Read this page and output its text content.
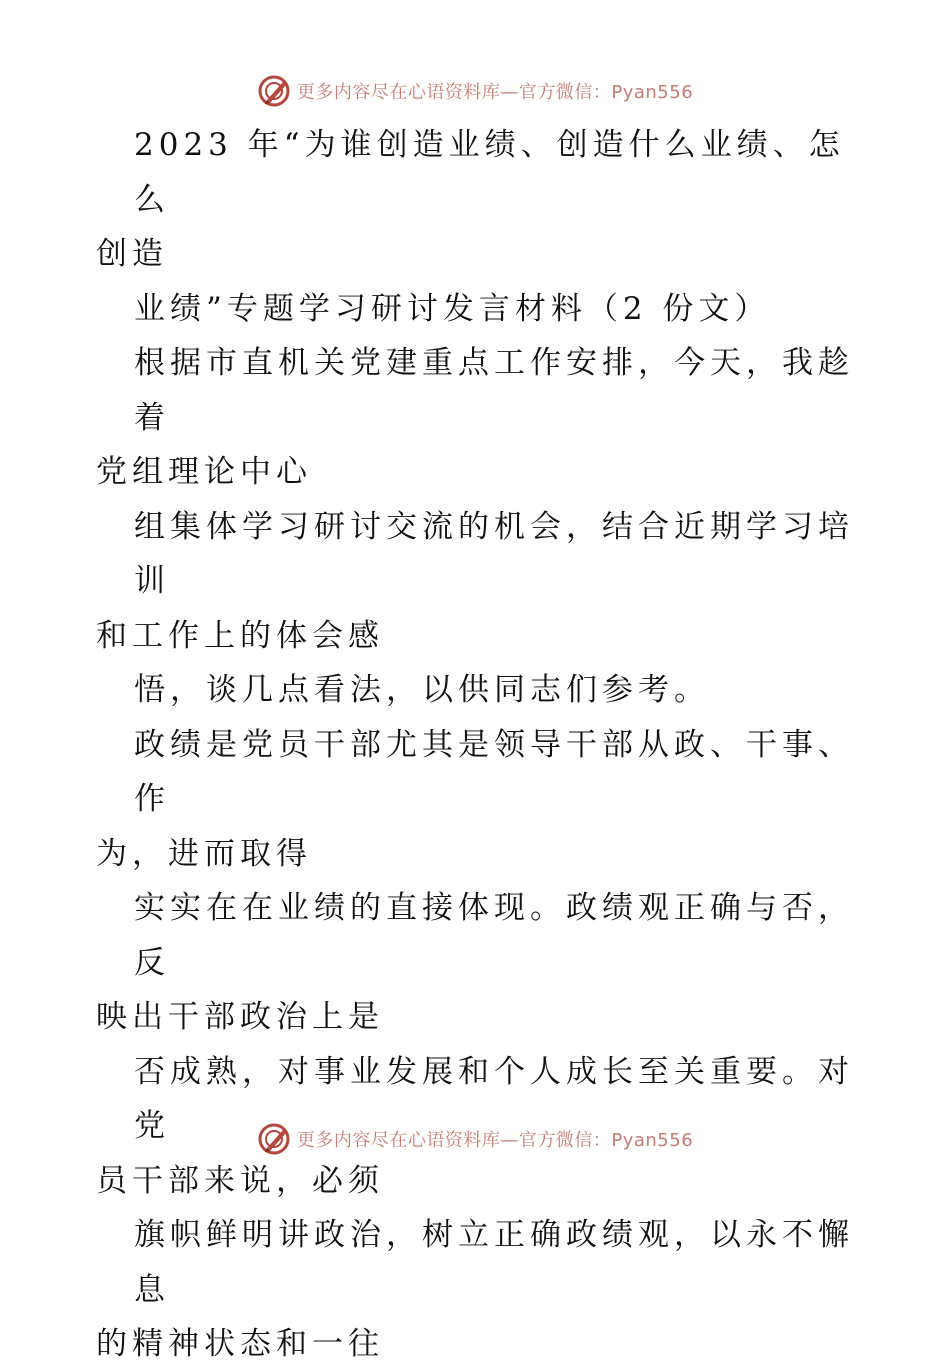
更多内容尽在心语资料库—官方微信：Pyan556

2023 年“为谁创造业绩、创造什么业绩、怎么

创造

业绩”专题学习研讨发言材料（2 份文）

根据市直机关党建重点工作安排，今天，我趁着

党组理论中心

组集体学习研讨交流的机会，结合近期学习培训

和工作上的体会感

悟，谈几点看法，以供同志们参考。

政绩是党员干部尤其是领导干部从政、干事、作

为，进而取得

实实在在业绩的直接体现。政绩观正确与否，反

映出干部政治上是

否成熟，对事业发展和个人成长至关重要。对党

员干部来说，必须

旗帜鲜明讲政治，树立正确政绩观，以永不懈息

的精神状态和一往

更多内容尽在心语资料库—官方微信：Pyan556
